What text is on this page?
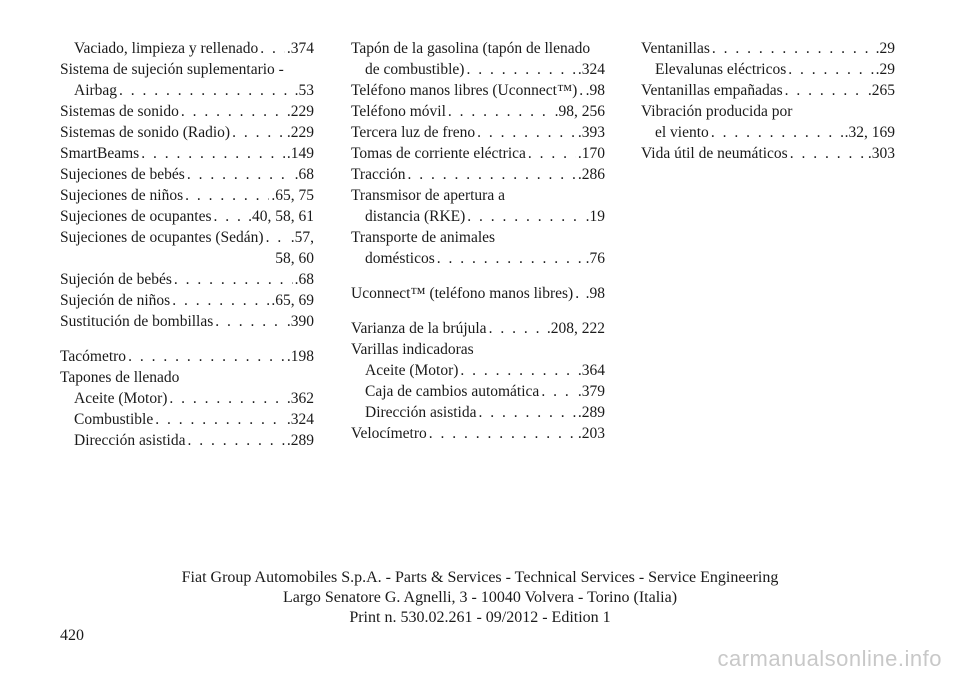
Vaciado, limpieza y rellenado . . . .374
Sistema de sujeción suplementario -
Airbag . . .	.53
Sistemas de sonido . . .	.229
Sistemas de sonido (Radio) . . .	.229
SmartBeams . . .	.149
Sujeciones de bebés . . .	.68
Sujeciones de niños . . .	.65, 75
Sujeciones de ocupantes . . . .40, 58, 61
Sujeciones de ocupantes (Sedán) . . . .57,
58, 60
Sujeción de bebés . . .	.68
Sujeción de niños . . .	.65, 69
Sustitución de bombillas . . .	.390
Tacómetro . . .	.198
Tapones de llenado
Aceite (Motor) . . .	.362
Combustible . . .	.324
Dirección asistida . . .	.289
Tapón de la gasolina (tapón de llenado
de combustible) . . .	.324
Teléfono manos libres (Uconnect™) . . . .98
Teléfono móvil . . .	.98, 256
Tercera luz de freno . . .	.393
Tomas de corriente eléctrica . . .	.170
Tracción . . .	.286
Transmisor de apertura a
distancia (RKE) . . .	.19
Transporte de animales
domésticos . . .	.76
Uconnect™ (teléfono manos libres) . . . .98
Varianza de la brújula . . .	.208, 222
Varillas indicadoras
Aceite (Motor) . . .	.364
Caja de cambios automática . . . .379
Dirección asistida . . .	.289
Velocímetro . . .	.203
Ventanillas . . .	.29
Elevalunas eléctricos . . .	.29
Ventanillas empañadas . . .	.265
Vibración producida por
el viento . . .	.32, 169
Vida útil de neumáticos . . .	.303
Fiat Group Automobiles S.p.A. - Parts & Services - Technical Services - Service Engineering
Largo Senatore G. Agnelli, 3 - 10040 Volvera - Torino (Italia)
Print n. 530.02.261 - 09/2012 - Edition 1
420
carmanualsonline.info
